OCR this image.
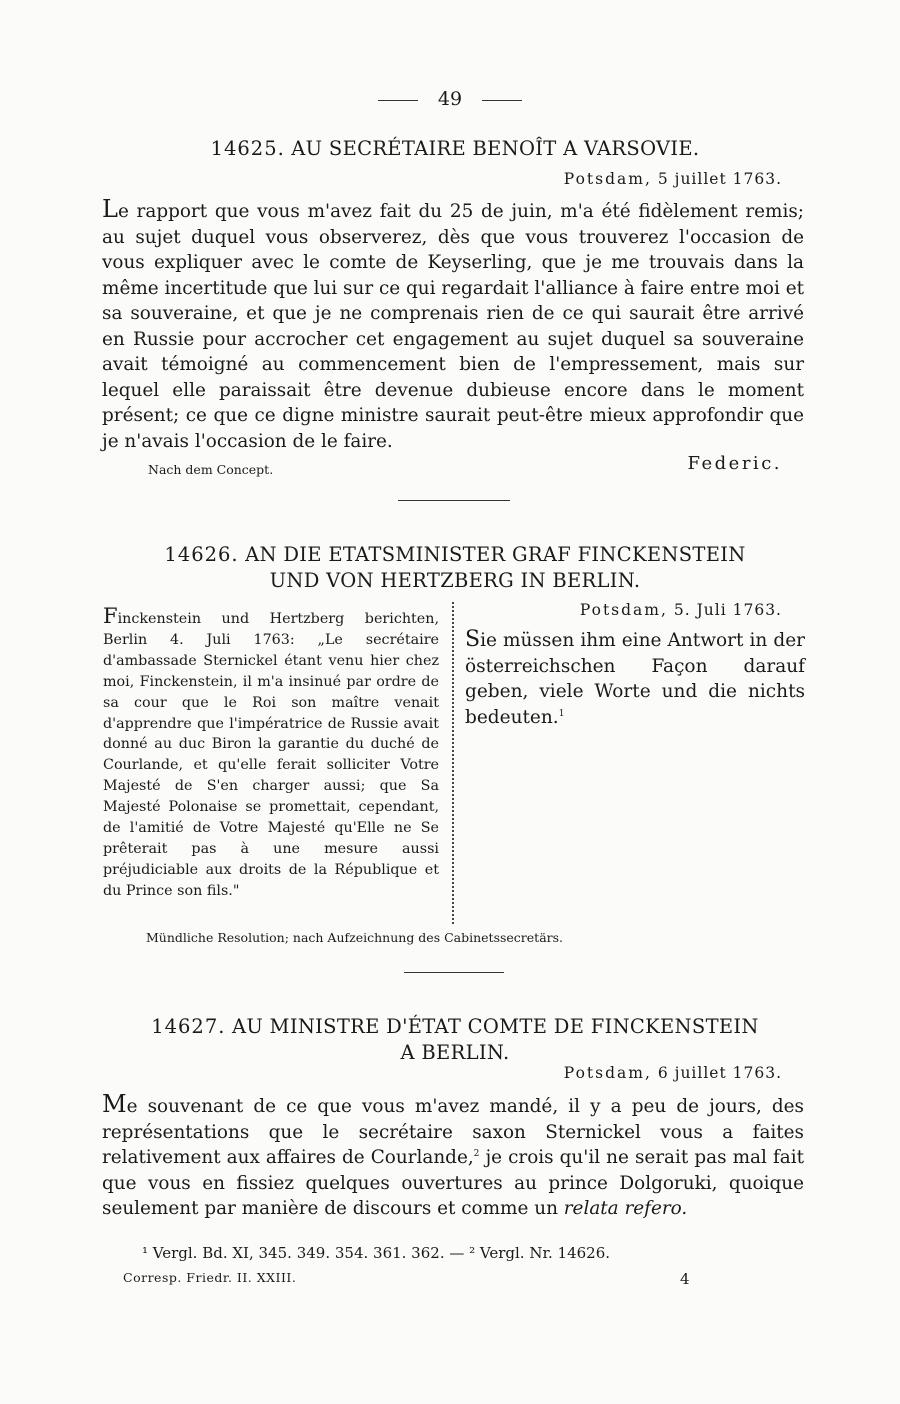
49
14625. AU SECRÉTAIRE BENOÎT A VARSOVIE.
Potsdam, 5 juillet 1763.
Le rapport que vous m'avez fait du 25 de juin, m'a été fidèlement remis; au sujet duquel vous observerez, dès que vous trouverez l'occasion de vous expliquer avec le comte de Keyserling, que je me trouvais dans la même incertitude que lui sur ce qui regardait l'alliance à faire entre moi et sa souveraine, et que je ne comprenais rien de ce qui saurait être arrivé en Russie pour accrocher cet engagement au sujet duquel sa souveraine avait témoigné au commencement bien de l'empressement, mais sur lequel elle paraissait être devenue dubieuse encore dans le moment présent; ce que ce digne ministre saurait peut-être mieux approfondir que je n'avais l'occasion de le faire.
Nach dem Concept.	Federic.
14626. AN DIE ETATSMINISTER GRAF FINCKENSTEIN
UND VON HERTZBERG IN BERLIN.
Finckenstein und Hertzberg berichten, Berlin 4. Juli 1763: „Le secrétaire d'ambassade Sternickel étant venu hier chez moi, Finckenstein, il m'a insinué par ordre de sa cour que le Roi son maître venait d'apprendre que l'impératrice de Russie avait donné au duc Biron la garantie du duché de Courlande, et qu'elle ferait solliciter Votre Majesté de S'en charger aussi; que Sa Majesté Polonaise se promettait, cependant, de l'amitié de Votre Majesté qu'Elle ne Se prêterait pas à une mesure aussi préjudiciable aux droits de la République et du Prince son fils."
Potsdam, 5. Juli 1763.
Sie müssen ihm eine Antwort in der österreichschen Façon darauf geben, viele Worte und die nichts bedeuten.$^1$
Mündliche Resolution; nach Aufzeichnung des Cabinetssecretärs.
14627. AU MINISTRE D'ÉTAT COMTE DE FINCKENSTEIN
A BERLIN.
Potsdam, 6 juillet 1763.
Me souvenant de ce que vous m'avez mandé, il y a peu de jours, des représentations que le secrétaire saxon Sternickel vous a faites relativement aux affaires de Courlande,$^2$ je crois qu'il ne serait pas mal fait que vous en fissiez quelques ouvertures au prince Dolgoruki, quoique seulement par manière de discours et comme un relata refero.
¹ Vergl. Bd. XI, 345. 349. 354. 361. 362. — ² Vergl. Nr. 14626.
Corresp. Friedr. II. XXIII.	4
